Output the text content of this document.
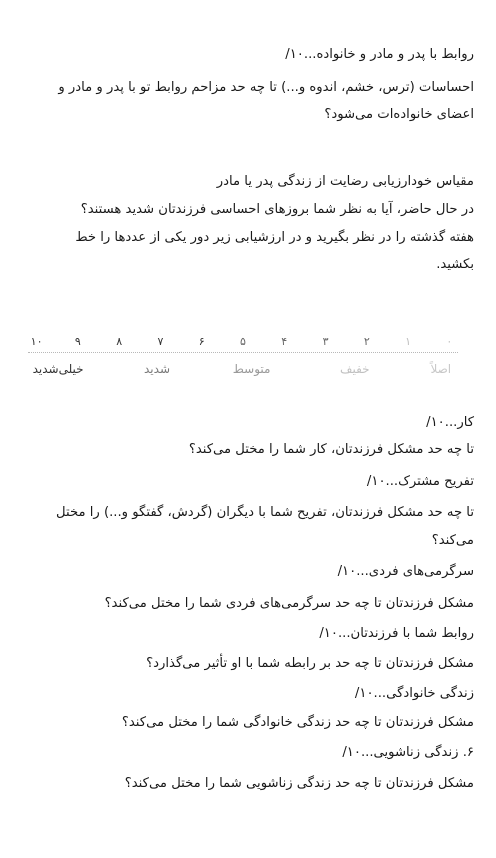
روابط با پدر و مادر و خانواده...۱۰/
احساسات (ترس، خشم، اندوه و...) تا چه حد مزاحم روابط تو با پدر و مادر و
اعضای خانواده‌ات می‌شود؟
مقیاس خودارزیابی رضایت از زندگی پدر یا مادر
در حال حاضر، آیا به نظر شما بروزهای احساسی فرزندتان شدید هستند؟
هفته گذشته را در نظر بگیرید و در ارزشیابی زیر دور یکی از عددها را خط
بکشید.
۱۰	۹	۸	۷	۶	۵	۴	۳	۲	۱	۰
خیلی‌شدید	شدید	متوسط	خفیف	اصلاً
کار...۱۰/
تا چه حد مشکل فرزندتان، کار شما را مختل می‌کند؟
تفریح مشترک...۱۰/
تا چه حد مشکل فرزندتان، تفریح شما با دیگران (گردش، گفتگو و...) را مختل
می‌کند؟
سرگرمی‌های فردی...۱۰/
مشکل فرزندتان تا چه حد سرگرمی‌های فردی شما را مختل می‌کند؟
روابط شما با فرزندتان...۱۰/
مشکل فرزندتان تا چه حد بر رابطه شما با او تأثیر می‌گذارد؟
زندگی خانوادگی...۱۰/
مشکل فرزندتان تا چه حد زندگی خانوادگی شما را مختل می‌کند؟
۶. زندگی زناشویی...۱۰/
مشکل فرزندتان تا چه حد زندگی زناشویی شما را مختل می‌کند؟
